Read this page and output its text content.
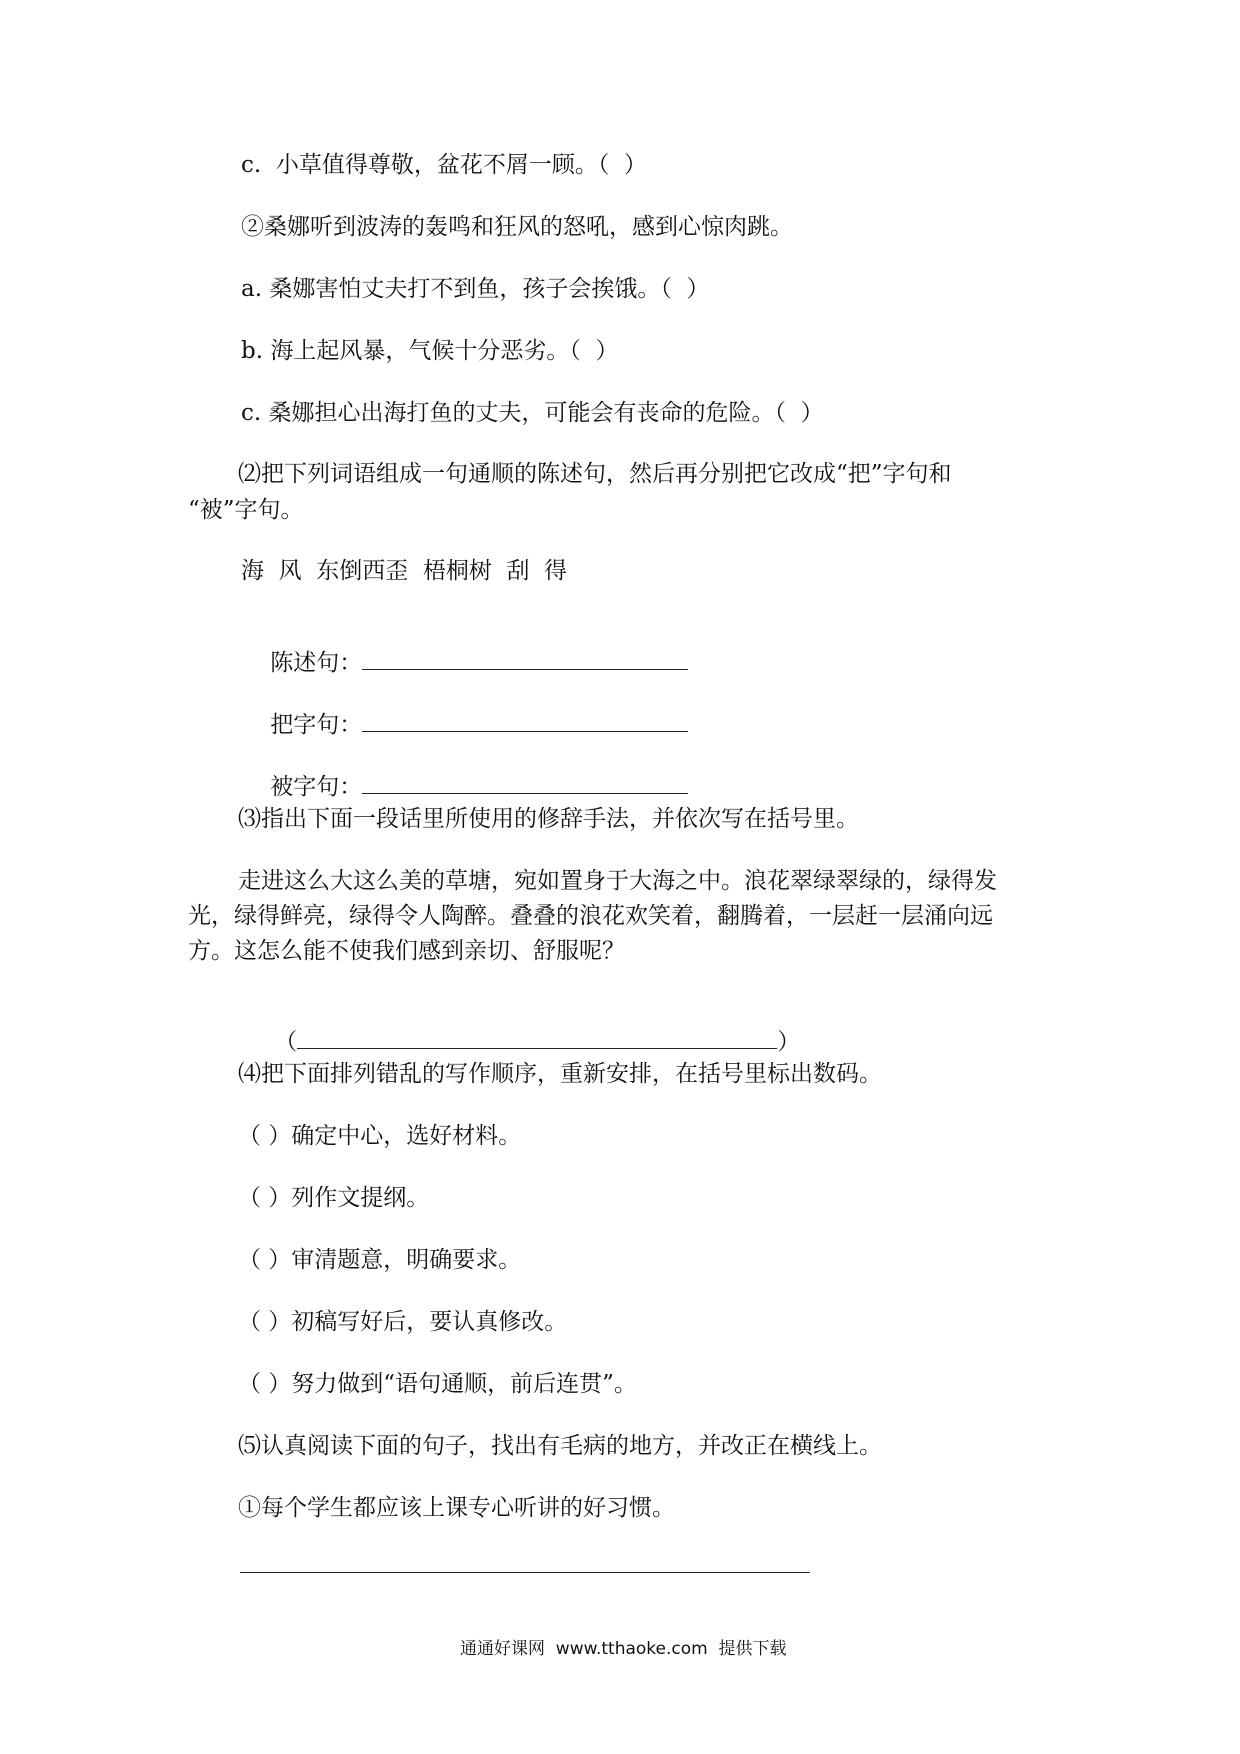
c.  小草值得尊敬，盆花不屑一顾。（  ）
②桑娜听到波涛的轰鸣和狂风的怒吼，感到心惊肉跳。
a. 桑娜害怕丈夫打不到鱼，孩子会挨饿。（  ）
b. 海上起风暴，气候十分恶劣。（  ）
c. 桑娜担心出海打鱼的丈夫，可能会有丧命的危险。（  ）
⑵把下列词语组成一句通顺的陈述句，然后再分别把它改成“把”字句和
“被”字句。
海  风  东倒西歪  梧桐树  刮  得

陈述句：

把字句：

被字句：

⑶指出下面一段话里所使用的修辞手法，并依次写在括号里。
走进这么大这么美的草塘，宛如置身于大海之中。浪花翠绿翠绿的，绿得发
光，绿得鲜亮，绿得令人陶醉。叠叠的浪花欢笑着，翻腾着，一层赶一层涌向远
方。这怎么能不使我们感到亲切、舒服呢？

（	）

⑷把下面排列错乱的写作顺序，重新安排，在括号里标出数码。
（ ）确定中心，选好材料。
（ ）列作文提纲。
（ ）审清题意，明确要求。
（ ）初稿写好后，要认真修改。
（ ）努力做到“语句通顺，前后连贯”。
⑸认真阅读下面的句子，找出有毛病的地方，并改正在横线上。
①每个学生都应该上课专心听讲的好习惯。
通通好课网  www.tthaoke.com  提供下载
